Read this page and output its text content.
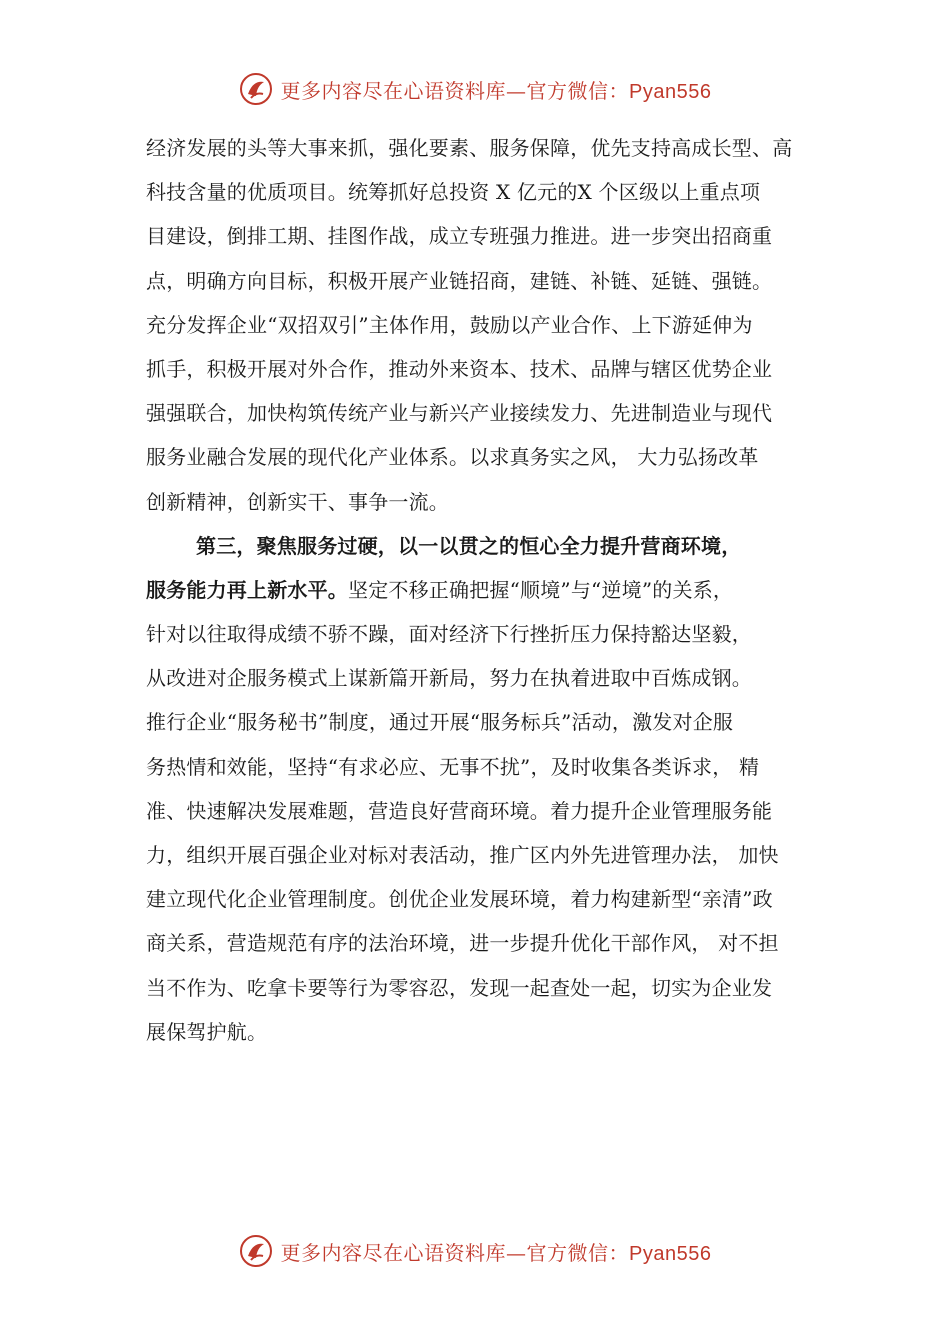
更多内容尽在心语资料库—官方微信：Pyan556
经济发展的头等大事来抓，强化要素、服务保障，优先支持高成长型、高
科技含量的优质项目。统筹抓好总投资 X 亿元的X 个区级以上重点项
目建设，倒排工期、挂图作战，成立专班强力推进。进一步突出招商重
点，明确方向目标，积极开展产业链招商，建链、补链、延链、强链。
充分发挥企业“双招双引”主体作用，鼓励以产业合作、上下游延伸为
抓手，积极开展对外合作，推动外来资本、技术、品牌与辖区优势企业
强强联合，加快构筑传统产业与新兴产业接续发力、先进制造业与现代
服务业融合发展的现代化产业体系。以求真务实之风， 大力弘扬改革
创新精神，创新实干、事争一流。
第三，聚焦服务过硬，以一以贯之的恒心全力提升营商环境，
服务能力再上新水平。坚定不移正确把握“顺境”与“逆境”的关系，
针对以往取得成绩不骄不躁，面对经济下行挫折压力保持豁达坚毅，
从改进对企服务模式上谋新篇开新局，努力在执着进取中百炼成钢。
推行企业“服务秘书”制度，通过开展“服务标兵”活动，激发对企服
务热情和效能，坚持“有求必应、无事不扰”，及时收集各类诉求， 精
准、快速解决发展难题，营造良好营商环境。着力提升企业管理服务能
力，组织开展百强企业对标对表活动，推广区内外先进管理办法， 加快
建立现代化企业管理制度。创优企业发展环境，着力构建新型“亲清”政
商关系，营造规范有序的法治环境，进一步提升优化干部作风， 对不担
当不作为、吃拿卡要等行为零容忍，发现一起查处一起，切实为企业发
展保驾护航。
更多内容尽在心语资料库—官方微信：Pyan556
